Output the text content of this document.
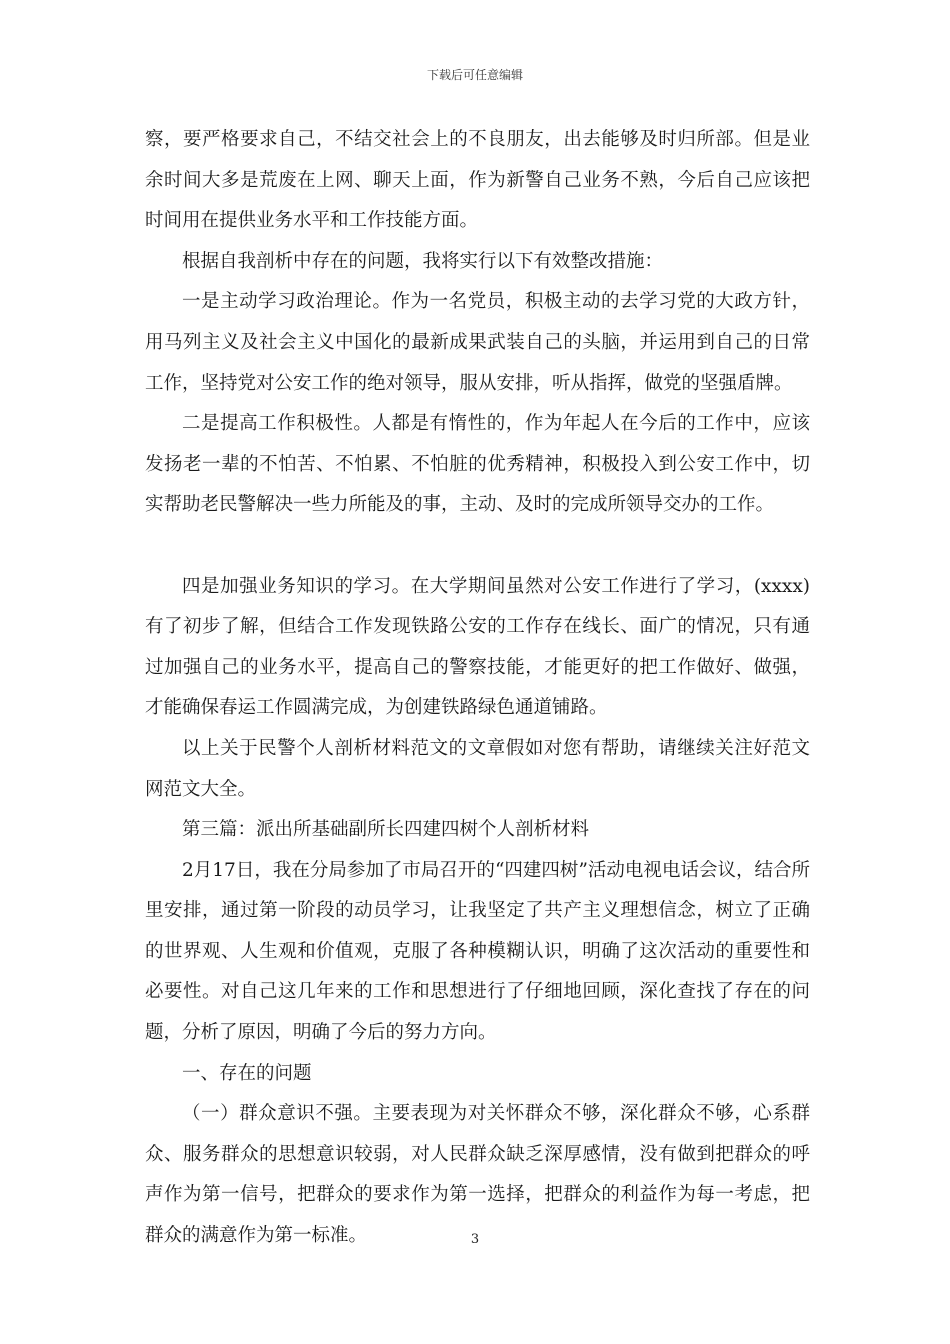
下载后可任意编辑

察，要严格要求自己，不结交社会上的不良朋友，出去能够及时归所部。但是业余时间大多是荒废在上网、聊天上面，作为新警自己业务不熟，今后自己应该把时间用在提供业务水平和工作技能方面。

根据自我剖析中存在的问题，我将实行以下有效整改措施：

一是主动学习政治理论。作为一名党员，积极主动的去学习党的大政方针，用马列主义及社会主义中国化的最新成果武装自己的头脑，并运用到自己的日常工作，坚持党对公安工作的绝对领导，服从安排，听从指挥，做党的坚强盾牌。

二是提高工作积极性。人都是有惰性的，作为年起人在今后的工作中，应该发扬老一辈的不怕苦、不怕累、不怕脏的优秀精神，积极投入到公安工作中，切实帮助老民警解决一些力所能及的事，主动、及时的完成所领导交办的工作。

四是加强业务知识的学习。在大学期间虽然对公安工作进行了学习，(xxxx)有了初步了解，但结合工作发现铁路公安的工作存在线长、面广的情况，只有通过加强自己的业务水平，提高自己的警察技能，才能更好的把工作做好、做强，才能确保春运工作圆满完成，为创建铁路绿色通道铺路。

以上关于民警个人剖析材料范文的文章假如对您有帮助，请继续关注好范文网范文大全。

第三篇：派出所基础副所长四建四树个人剖析材料

2月17日，我在分局参加了市局召开的“四建四树”活动电视电话会议，结合所里安排，通过第一阶段的动员学习，让我坚定了共产主义理想信念，树立了正确的世界观、人生观和价值观，克服了各种模糊认识，明确了这次活动的重要性和必要性。对自己这几年来的工作和思想进行了仔细地回顾，深化查找了存在的问题，分析了原因，明确了今后的努力方向。

一、存在的问题

（一）群众意识不强。主要表现为对关怀群众不够，深化群众不够，心系群众、服务群众的思想意识较弱，对人民群众缺乏深厚感情，没有做到把群众的呼声作为第一信号，把群众的要求作为第一选择，把群众的利益作为每一考虑，把群众的满意作为第一标准。	3
